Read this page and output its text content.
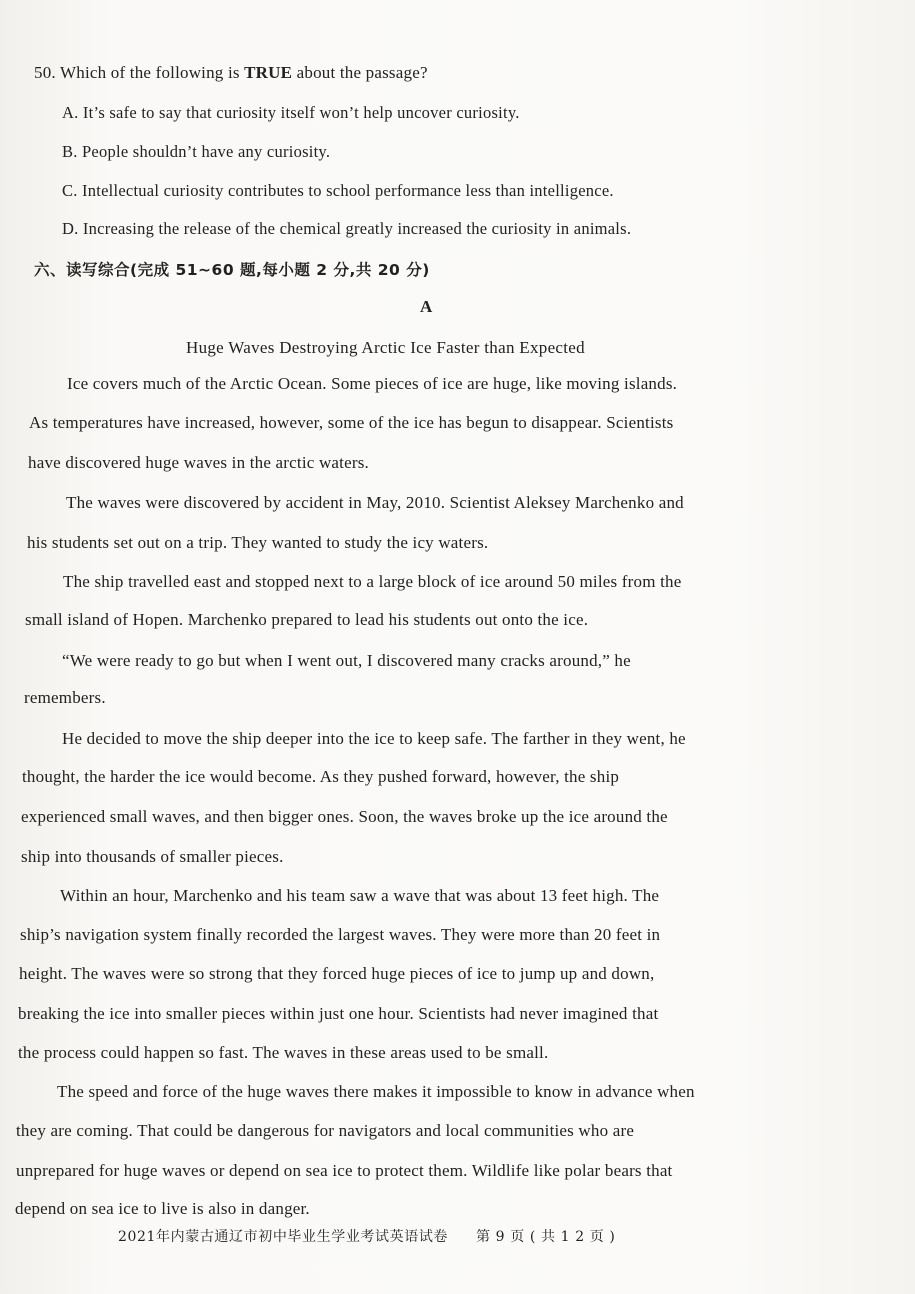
50. Which of the following is TRUE about the passage?
A. It’s safe to say that curiosity itself won’t help uncover curiosity.
B. People shouldn’t have any curiosity.
C. Intellectual curiosity contributes to school performance less than intelligence.
D. Increasing the release of the chemical greatly increased the curiosity in animals.
六、读写综合(完成 51~60 题,每小题 2 分,共 20 分)
A
Huge Waves Destroying Arctic Ice Faster than Expected
Ice covers much of the Arctic Ocean. Some pieces of ice are huge, like moving islands.
As temperatures have increased, however, some of the ice has begun to disappear. Scientists
have discovered huge waves in the arctic waters.
The waves were discovered by accident in May, 2010. Scientist Aleksey Marchenko and
his students set out on a trip. They wanted to study the icy waters.
The ship travelled east and stopped next to a large block of ice around 50 miles from the
small island of Hopen. Marchenko prepared to lead his students out onto the ice.
“We were ready to go but when I went out, I discovered many cracks around,” he
remembers.
He decided to move the ship deeper into the ice to keep safe. The farther in they went, he
thought, the harder the ice would become. As they pushed forward, however, the ship
experienced small waves, and then bigger ones. Soon, the waves broke up the ice around the
ship into thousands of smaller pieces.
Within an hour, Marchenko and his team saw a wave that was about 13 feet high. The
ship’s navigation system finally recorded the largest waves. They were more than 20 feet in
height. The waves were so strong that they forced huge pieces of ice to jump up and down,
breaking the ice into smaller pieces within just one hour. Scientists had never imagined that
the process could happen so fast. The waves in these areas used to be small.
The speed and force of the huge waves there makes it impossible to know in advance when
they are coming. That could be dangerous for navigators and local communities who are
unprepared for huge waves or depend on sea ice to protect them. Wildlife like polar bears that
depend on sea ice to live is also in danger.
2021年内蒙古通辽市初中毕业生学业考试英语试卷 第 9 页 ( 共 1 2 页 )
